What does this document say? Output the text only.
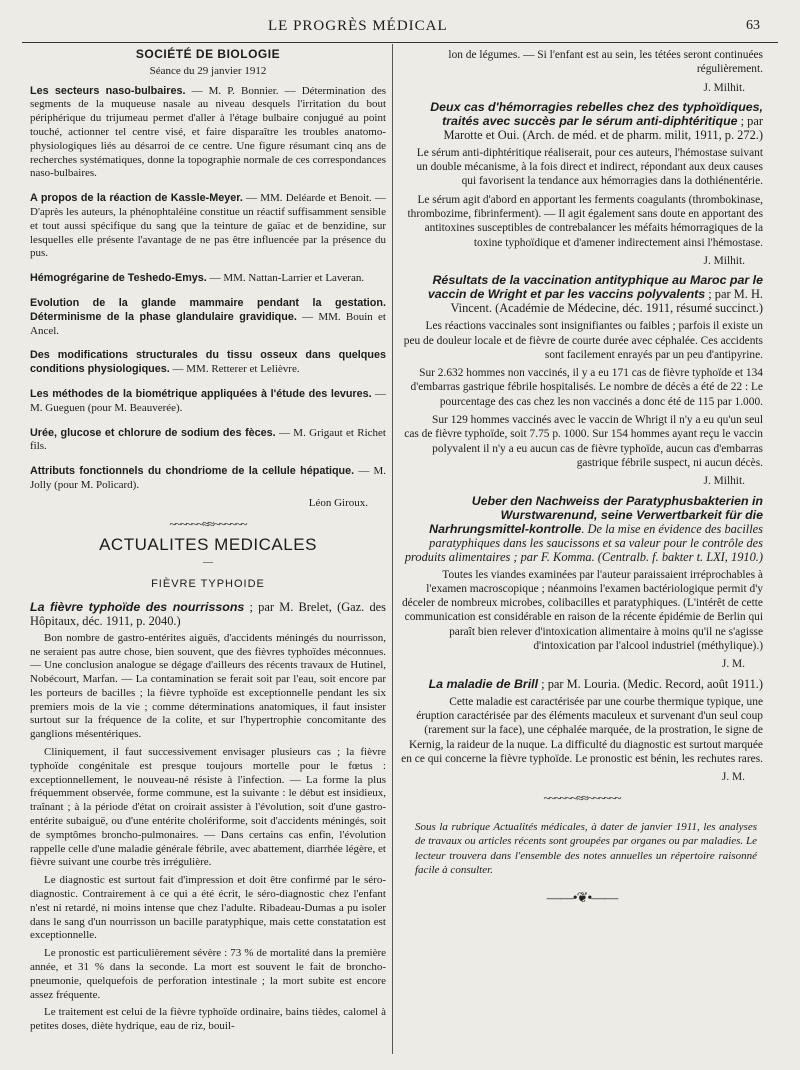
LE PROGRÈS MÉDICAL	63
SOCIÉTÉ DE BIOLOGIE
Séance du 29 janvier 1912

Les secteurs naso-bulbaires. — M. P. Bonnier. — Détermination des segments de la muqueuse nasale au niveau desquels l'irritation du bout périphérique du trijumeau permet d'aller à l'étage bulbaire conjugué au point touché, actionner tel centre visé, et faire disparaître les troubles anatomo-physiologiques liés au désarroi de ce centre. Une figure résumant cinq ans de recherches systématiques, donne la topographie normale de ces correspondances naso-bulbaires.

A propos de la réaction de Kassle-Meyer. — MM. Deléarde et Benoit. — D'après les auteurs, la phénophtaléine constitue un réactif suffisamment sensible et tout aussi spécifique du sang que la teinture de gaïac et de benzidine, sur lesquelles elle présente l'avantage de ne pas être influencée par la présence du pus.

Hémogrégarine de Teshedo-Emys. — MM. Nattan-Larrier et Laveran.

Evolution de la glande mammaire pendant la gestation. Déterminisme de la phase glandulaire gravidique. — MM. Bouin et Ancel.

Des modifications structurales du tissu osseux dans quelques conditions physiologiques. — MM. Retterer et Lelièvre.

Les méthodes de la biométrique appliquées à l'étude des levures. — M. Gueguen (pour M. Beauverée).

Urée, glucose et chlorure de sodium des fèces. — M. Grigaut et Richet fils.

Attributs fonctionnels du chondriome de la cellule hépatique. — M. Jolly (pour M. Policard).

Léon Giroux.

~~~~~~≈≈~~~~~~
ACTUALITES MEDICALES
—
FIÈVRE TYPHOIDE

La fièvre typhoïde des nourrissons ; par M. Brelet, (Gaz. des Hôpitaux, déc. 1911, p. 2040.)

Bon nombre de gastro-entérites aiguës, d'accidents méningés du nourrisson, ne seraient pas autre chose, bien souvent, que des fièvres typhoïdes méconnues. — Une conclusion analogue se dégage d'ailleurs des récents travaux de Hutinel, Nobécourt, Marfan. — La contamination se ferait soit par l'eau, soit encore par les porteurs de bacilles ; la fièvre typhoïde est exceptionnelle pendant les six premiers mois de la vie ; comme déterminations anatomiques, il faut insister surtout sur la fréquence de la colite, et sur l'hypertrophie concomitante des ganglions mésentériques.

Cliniquement, il faut successivement envisager plusieurs cas ; la fièvre typhoïde congénitale est presque toujours mortelle pour le fœtus : exceptionnellement, le nouveau-né résiste à l'infection. — La forme la plus fréquemment observée, forme commune, est la suivante : le début est insidieux, traînant ; à la période d'état on croirait assister à l'évolution, soit d'une gastro-entérite subaiguë, ou d'une entérite cholériforme, soit d'accidents méningés, soit de symptômes broncho-pulmonaires. — Dans certains cas enfin, l'évolution rappelle celle d'une maladie générale fébrile, avec abattement, diarrhée légère, et fièvre suivant une courbe très irrégulière.

Le diagnostic est surtout fait d'impression et doit être confirmé par le séro-diagnostic. Contrairement à ce qui a été écrit, le séro-diagnostic chez l'enfant n'est ni retardé, ni moins intense que chez l'adulte. Ribadeau-Dumas a pu isoler dans le sang d'un nourrisson un bacille paratyphique, mais cette constatation est exceptionnelle.

Le pronostic est particulièrement sévère : 73 % de mortalité dans la première année, et 31 % dans la seconde. La mort est souvent le fait de broncho-pneumonie, quelquefois de perforation intestinale ; la mort subite est encore assez fréquente.

Le traitement est celui de la fièvre typhoïde ordinaire, bains tièdes, calomel à petites doses, diète hydrique, eau de riz, bouil-

lon de légumes. — Si l'enfant est au sein, les tétées seront continuées régulièrement.

J. Milhit.

Deux cas d'hémorragies rebelles chez des typhoïdiques, traités avec succès par le sérum anti-diphtéritique ; par Marotte et Oui. (Arch. de méd. et de pharm. milit, 1911, p. 272.)

Le sérum anti-diphtéritique réaliserait, pour ces auteurs, l'hémostase suivant un double mécanisme, à la fois direct et indirect, répondant aux deux causes qui favorisent la tendance aux hémorragies dans la dothiénentérie.

Le sérum agit d'abord en apportant les ferments coagulants (thrombokinase, thrombozime, fibrinferment). — Il agit également sans doute en apportant des antitoxines susceptibles de contrebalancer les méfaits hémorragiques de la toxine typhoïdique et d'amener indirectement ainsi l'hémostase.

J. Milhit.

Résultats de la vaccination antityphique au Maroc par le vaccin de Wright et par les vaccins polyvalents ; par M. H. Vincent. (Académie de Médecine, déc. 1911, résumé succinct.)

Les réactions vaccinales sont insignifiantes ou faibles ; parfois il existe un peu de douleur locale et de fièvre de courte durée avec céphalée. Ces accidents sont facilement enrayés par un peu d'antipyrine.

Sur 2.632 hommes non vaccinés, il y a eu 171 cas de fièvre typhoïde et 134 d'embarras gastrique fébrile hospitalisés. Le nombre de décès a été de 22 : Le pourcentage des cas chez les non vaccinés a donc été de 115 par 1.000.

Sur 129 hommes vaccinés avec le vaccin de Whrigt il n'y a eu qu'un seul cas de fièvre typhoïde, soit 7.75 p. 1000. Sur 154 hommes ayant reçu le vaccin polyvalent il n'y a eu aucun cas de fièvre typhoïde, aucun cas d'embarras gastrique fébrile suspect, ni aucun décès.

J. Milhit.

Ueber den Nachweiss der Paratyphusbakterien in Wurstwarenund, seine Verwertbarkeit für die Narhrungsmittel-kontrolle. De la mise en évidence des bacilles paratyphiques dans les saucissons et sa valeur pour le contrôle des produits alimentaires ; par F. Komma. (Centralb. f. bakter t. LXI, 1910.)

Toutes les viandes examinées par l'auteur paraissaient irréprochables à l'examen macroscopique ; néanmoins l'examen bactériologique permit d'y déceler de nombreux microbes, colibacilles et paratyphiques. (L'intérêt de cette communication est considérable en raison de la récente épidémie de Berlin qui paraît bien relever d'intoxication alimentaire à moins qu'il ne s'agisse d'intoxication par l'alcool industriel (méthylique).)

J. M.

La maladie de Brill ; par M. Louria. (Medic. Record, août 1911.)

Cette maladie est caractérisée par une courbe thermique typique, une éruption caractérisée par des éléments maculeux et survenant d'un seul coup (rarement sur la face), une céphalée marquée, de la prostration, le signe de Kernig, la raideur de la nuque. La difficulté du diagnostic est surtout marquée en ce qui concerne la fièvre typhoïde. Le pronostic est bénin, les rechutes rares.

J. M.

~~~~~~≈≈~~~~~~

Sous la rubrique Actualités médicales, à dater de janvier 1911, les analyses de travaux ou articles récents sont groupées par organes ou par maladies. Le lecteur trouvera dans l'ensemble des notes annuelles un répertoire raisonné facile à consulter.

——•❦•——
